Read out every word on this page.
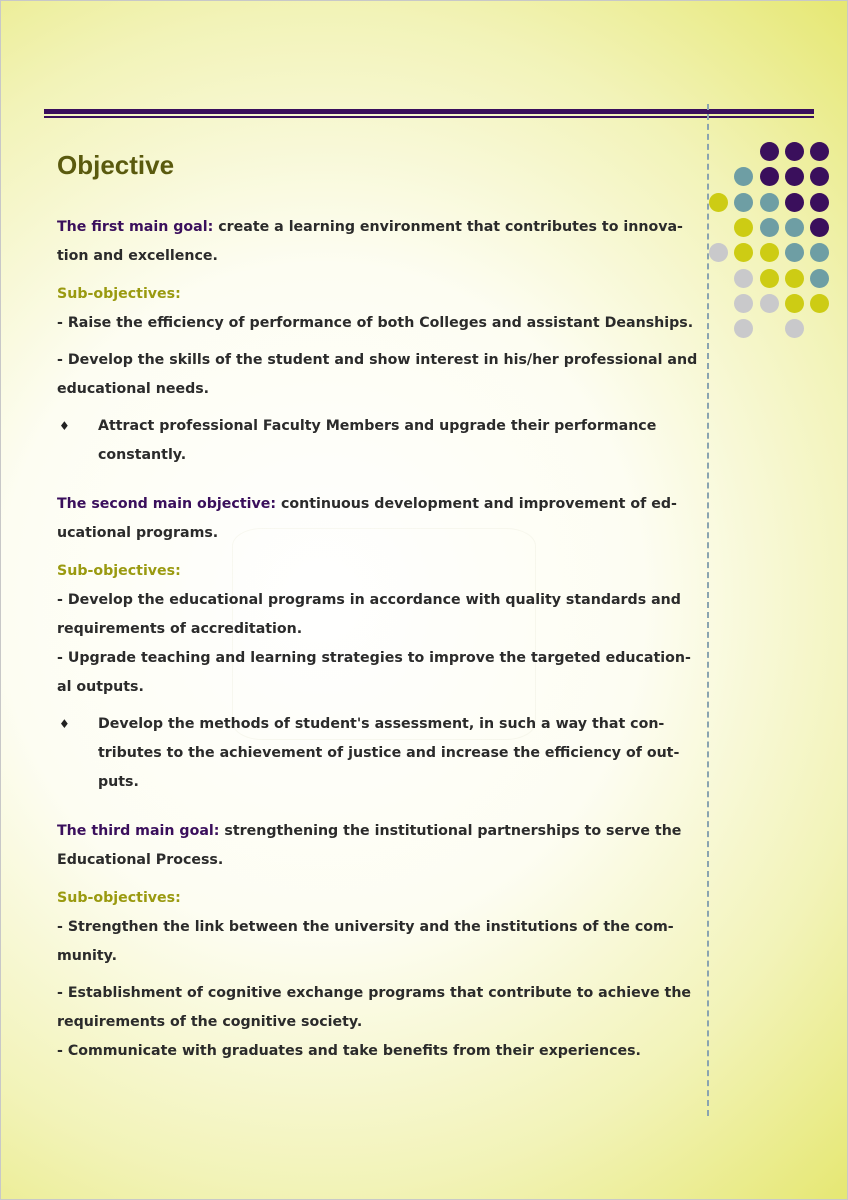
Objective

The first main goal: create a learning environment that contributes to innova- tion and excellence.

Sub-objectives:

- Raise the efficiency of performance of both Colleges and assistant Deanships.

- Develop the skills of the student and show interest in his/her professional and educational needs.

♦ Attract professional Faculty Members and upgrade their performance constantly.

The second main objective: continuous development and improvement of ed- ucational programs.

Sub-objectives:

- Develop the educational programs in accordance with quality standards and requirements of accreditation.

- Upgrade teaching and learning strategies to improve the targeted education- al outputs.

♦ Develop the methods of student's assessment, in such a way that con- tributes to the achievement of justice and increase the efficiency of out- puts.

The third main goal: strengthening the institutional partnerships to serve the Educational Process.

Sub-objectives:

- Strengthen the link between the university and the institutions of the com- munity.

- Establishment of cognitive exchange programs that contribute to achieve the requirements of the cognitive society.

- Communicate with graduates and take benefits from their experiences.
